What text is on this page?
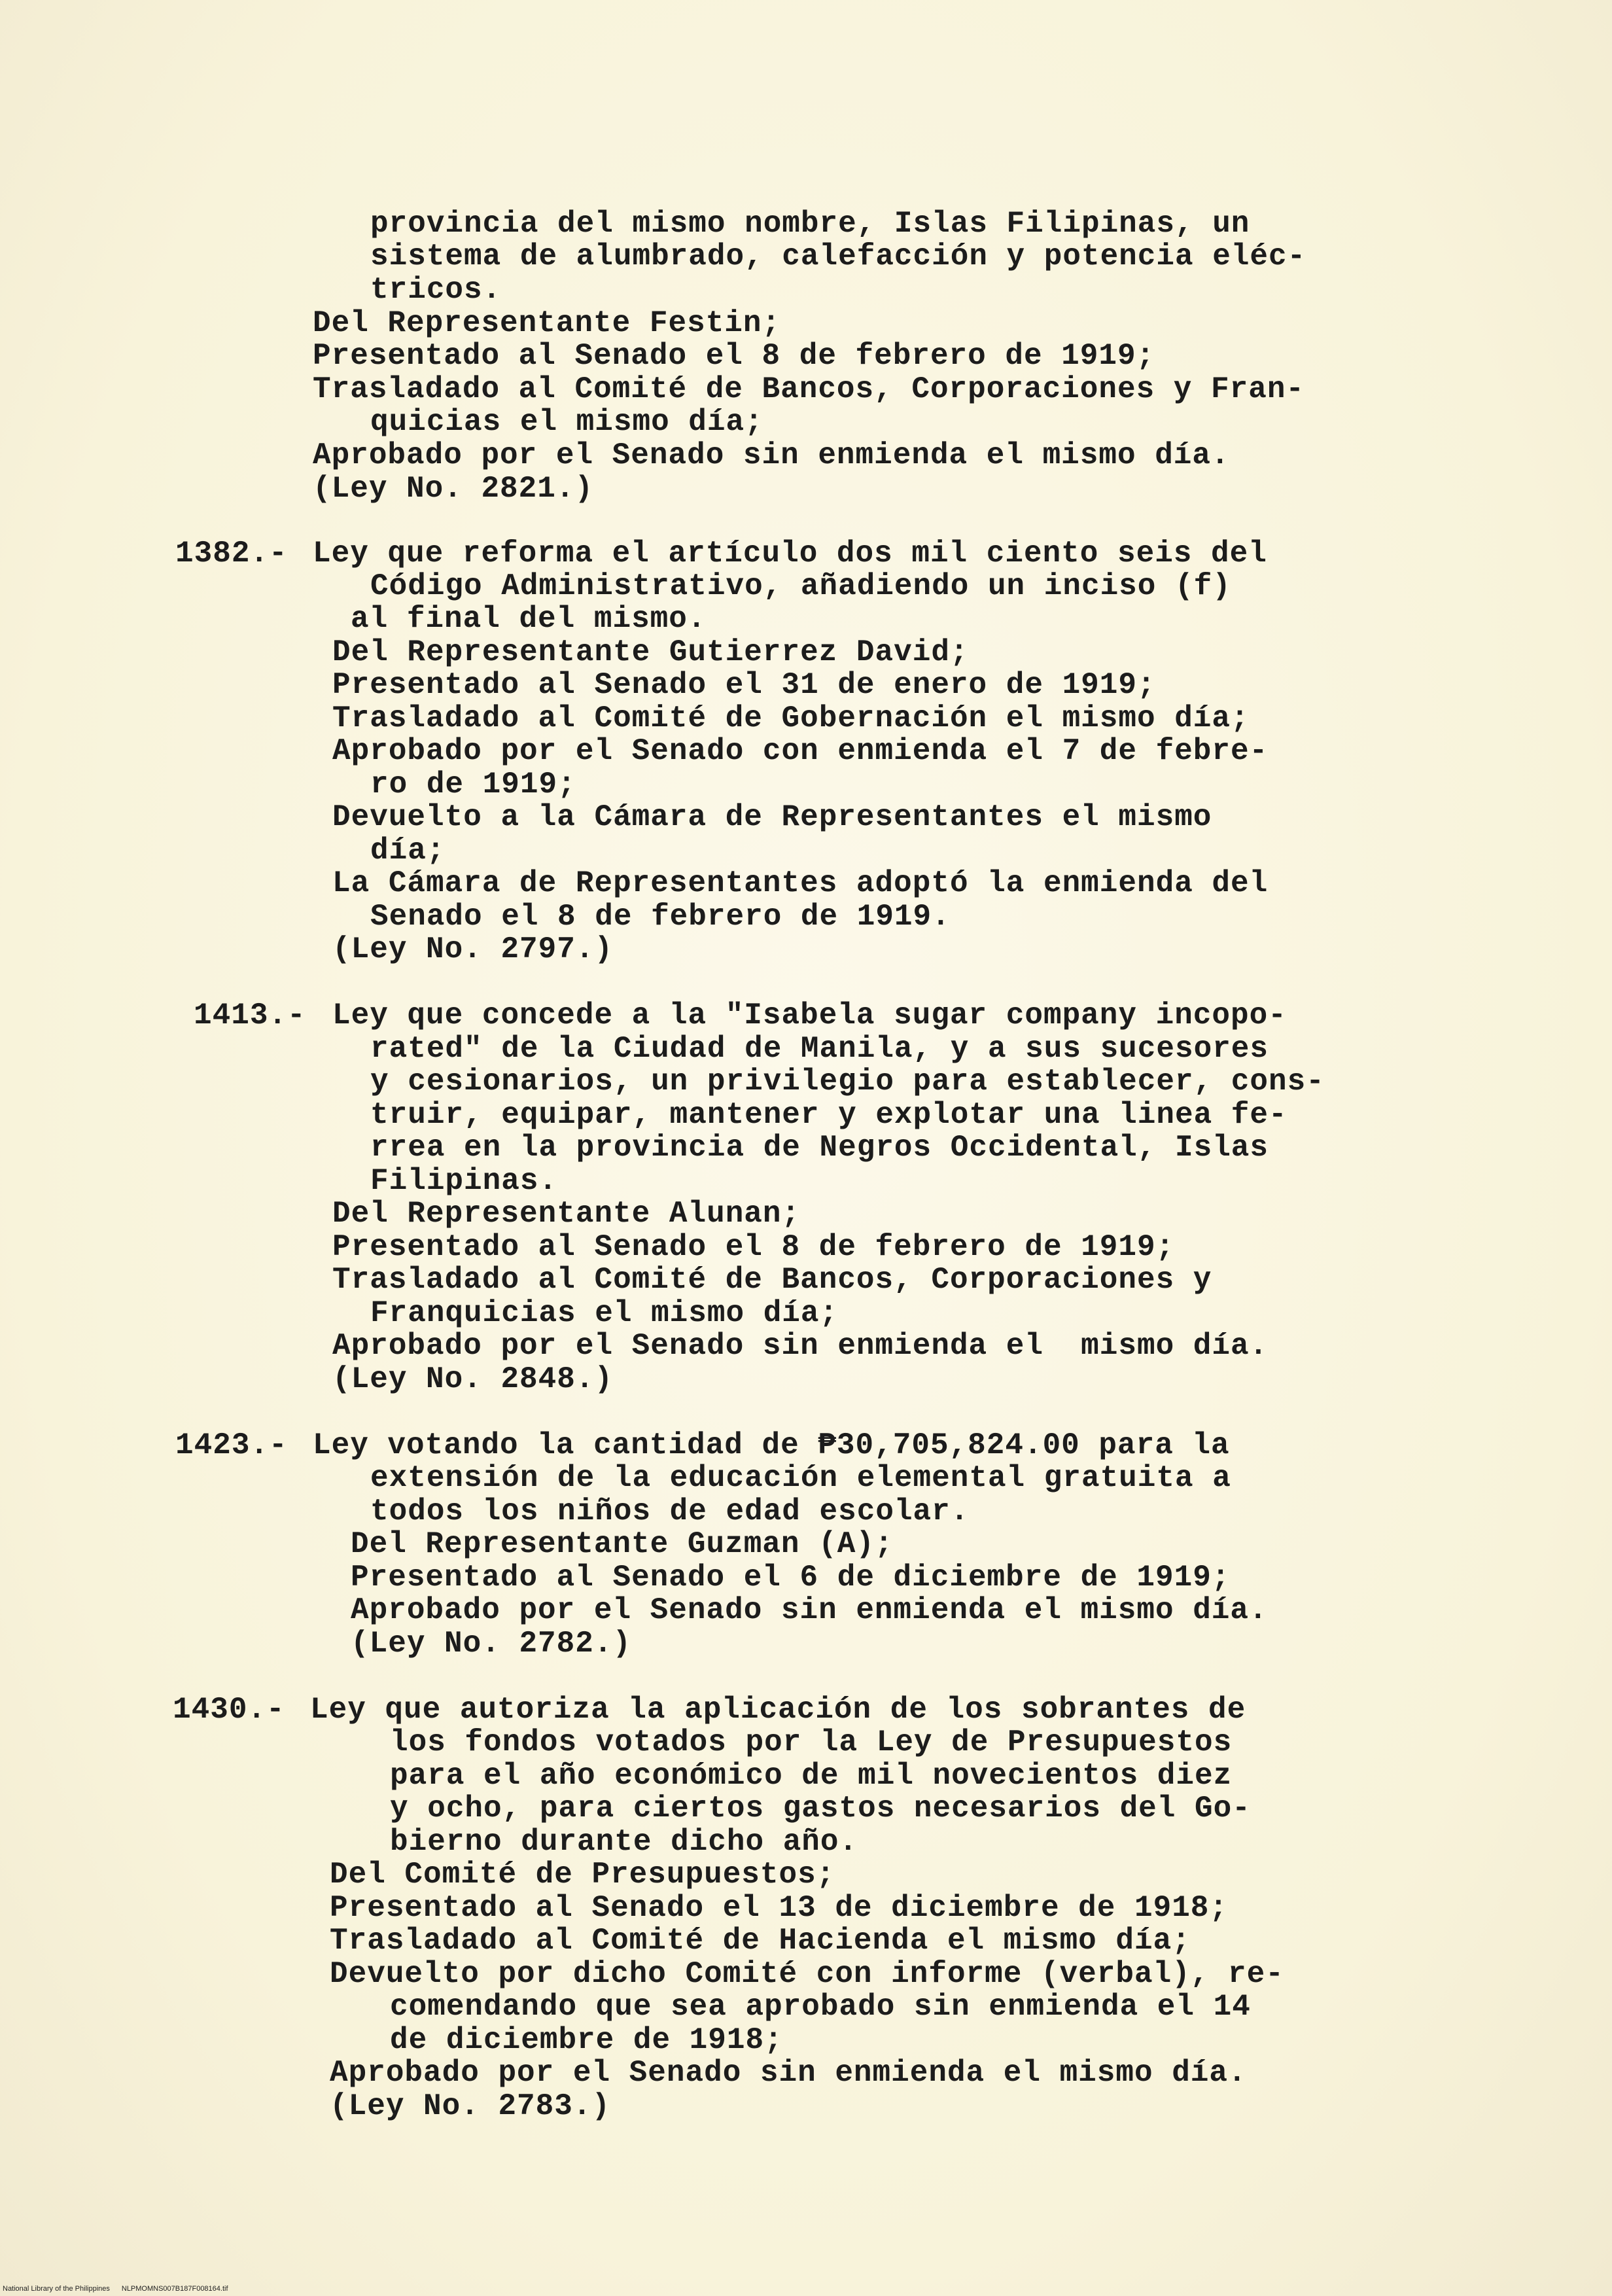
provincia del mismo nombre, Islas Filipinas, un
sistema de alumbrado, calefacción y potencia eléc-
tricos.
Del Representante Festin;
Presentado al Senado el 8 de febrero de 1919;
Trasladado al Comité de Bancos, Corporaciones y Fran-
quicias el mismo día;
Aprobado por el Senado sin enmienda el mismo día.
(Ley No. 2821.)
1382.- Ley que reforma el artículo dos mil ciento seis del
Código Administrativo, añadiendo un inciso (f)
al final del mismo.
Del Representante Gutierrez David;
Presentado al Senado el 31 de enero de 1919;
Trasladado al Comité de Gobernación el mismo día;
Aprobado por el Senado con enmienda el 7 de febre-
ro de 1919;
Devuelto a la Cámara de Representantes el mismo
día;
La Cámara de Representantes adoptó la enmienda del
Senado el 8 de febrero de 1919.
(Ley No. 2797.)
1413.- Ley que concede a la "Isabela sugar company incopo-
rated" de la Ciudad de Manila, y a sus sucesores
y cesionarios, un privilegio para establecer, cons-
truir, equipar, mantener y explotar una linea fe-
rrea en la provincia de Negros Occidental, Islas
Filipinas.
Del Representante Alunan;
Presentado al Senado el 8 de febrero de 1919;
Trasladado al Comité de Bancos, Corporaciones y
Franquicias el mismo día;
Aprobado por el Senado sin enmienda el  mismo día.
(Ley No. 2848.)
1423.- Ley votando la cantidad de ₱30,705,824.00 para la
extensión de la educación elemental gratuita a
todos los niños de edad escolar.
Del Representante Guzman (A);
Presentado al Senado el 6 de diciembre de 1919;
Aprobado por el Senado sin enmienda el mismo día.
(Ley No. 2782.)
1430.- Ley que autoriza la aplicación de los sobrantes de
los fondos votados por la Ley de Presupuestos
para el año económico de mil novecientos diez
y ocho, para ciertos gastos necesarios del Go-
bierno durante dicho año.
Del Comité de Presupuestos;
Presentado al Senado el 13 de diciembre de 1918;
Trasladado al Comité de Hacienda el mismo día;
Devuelto por dicho Comité con informe (verbal), re-
comendando que sea aprobado sin enmienda el 14
de diciembre de 1918;
Aprobado por el Senado sin enmienda el mismo día.
(Ley No. 2783.)
National Library of the Philippines NLPMOMNS007B187F008164.tif
